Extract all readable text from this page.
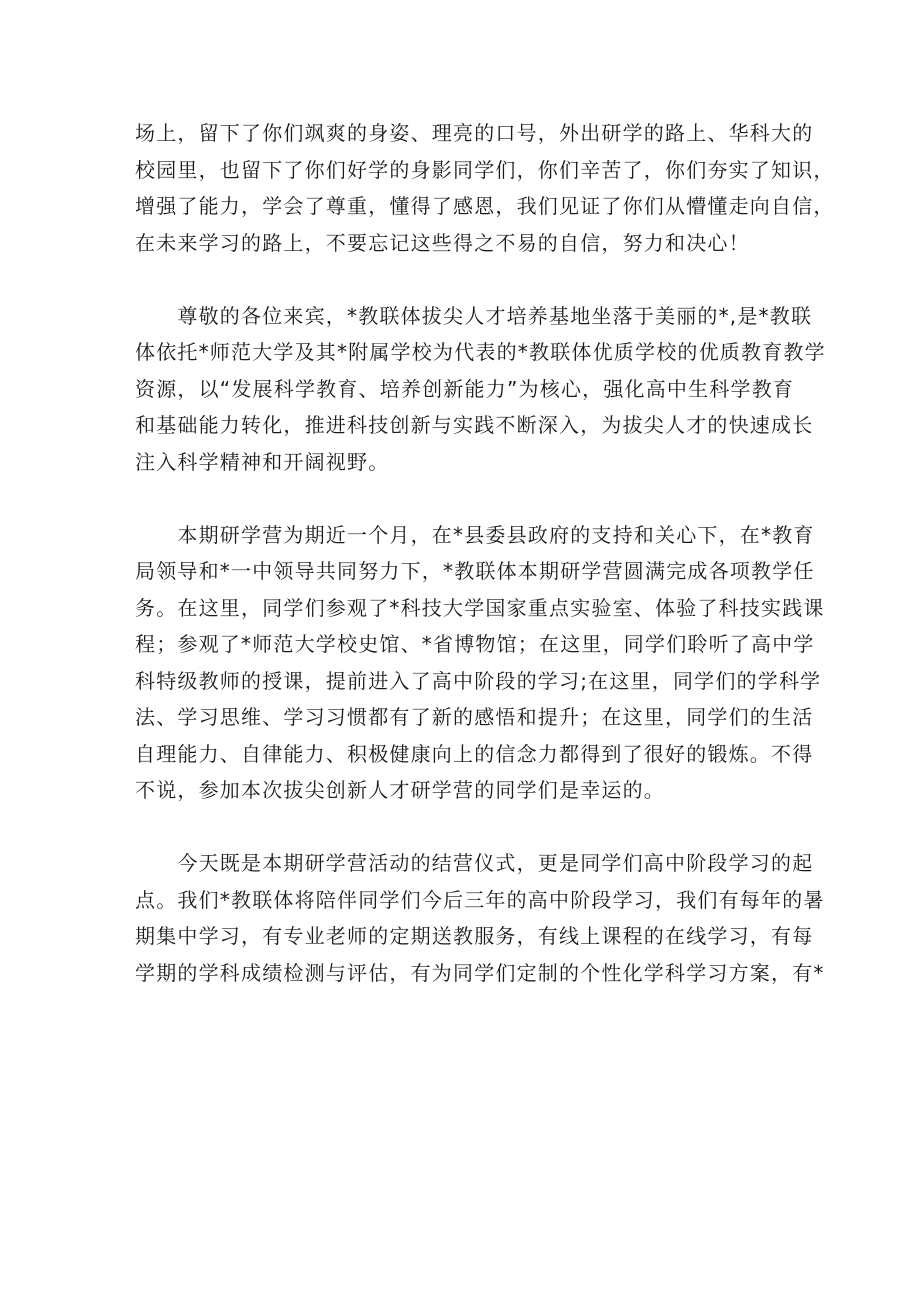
场上，留下了你们飒爽的身姿、理亮的口号，外出研学的路上、华科大的
校园里，也留下了你们好学的身影同学们，你们辛苦了，你们夯实了知识，
增强了能力，学会了尊重，懂得了感恩，我们见证了你们从懵懂走向自信，
在未来学习的路上，不要忘记这些得之不易的自信，努力和决心！
　　尊敬的各位来宾，*教联体拔尖人才培养基地坐落于美丽的*,是*教联
体依托*师范大学及其*附属学校为代表的*教联体优质学校的优质教育教学
资源，以“发展科学教育、培养创新能力”为核心，强化高中生科学教育
和基础能力转化，推进科技创新与实践不断深入，为拔尖人才的快速成长
注入科学精神和开阔视野。
　　本期研学营为期近一个月，在*县委县政府的支持和关心下，在*教育
局领导和*一中领导共同努力下，*教联体本期研学营圆满完成各项教学任
务。在这里，同学们参观了*科技大学国家重点实验室、体验了科技实践课
程；参观了*师范大学校史馆、*省博物馆；在这里，同学们聆听了高中学
科特级教师的授课，提前进入了高中阶段的学习;在这里，同学们的学科学
法、学习思维、学习习惯都有了新的感悟和提升；在这里，同学们的生活
自理能力、自律能力、积极健康向上的信念力都得到了很好的锻炼。不得
不说，参加本次拔尖创新人才研学营的同学们是幸运的。
　　今天既是本期研学营活动的结营仪式，更是同学们高中阶段学习的起
点。我们*教联体将陪伴同学们今后三年的高中阶段学习，我们有每年的暑
期集中学习，有专业老师的定期送教服务，有线上课程的在线学习，有每
学期的学科成绩检测与评估，有为同学们定制的个性化学科学习方案，有*
